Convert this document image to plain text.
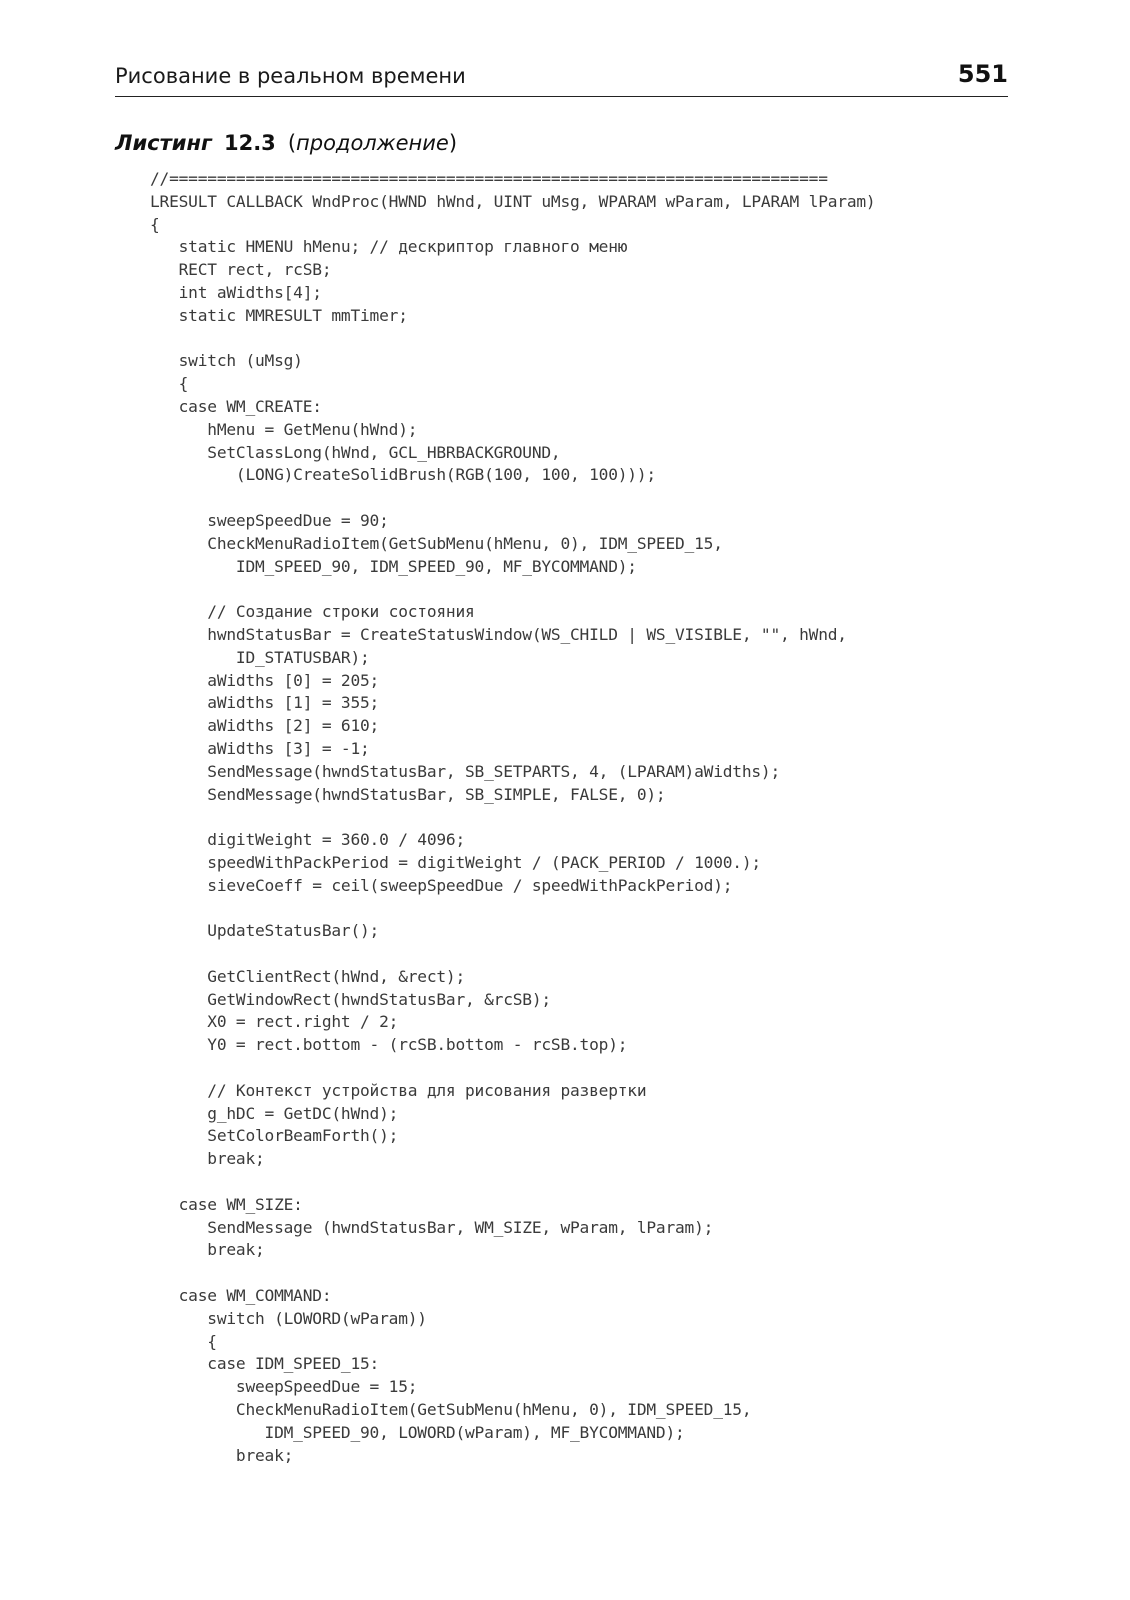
Рисование в реальном времени	551
Листинг 12.3 (продолжение)
//=====================================================================
LRESULT CALLBACK WndProc(HWND hWnd, UINT uMsg, WPARAM wParam, LPARAM lParam)
{
static HMENU hMenu; // дескриптор главного меню
RECT rect, rcSB;
int aWidths[4];
static MMRESULT mmTimer;

switch (uMsg)
{
case WM_CREATE:
hMenu = GetMenu(hWnd);
SetClassLong(hWnd, GCL_HBRBACKGROUND,
(LONG)CreateSolidBrush(RGB(100, 100, 100)));

sweepSpeedDue = 90;
CheckMenuRadioItem(GetSubMenu(hMenu, 0), IDM_SPEED_15,
IDM_SPEED_90, IDM_SPEED_90, MF_BYCOMMAND);

// Создание строки состояния
hwndStatusBar = CreateStatusWindow(WS_CHILD | WS_VISIBLE, "", hWnd,
ID_STATUSBAR);
aWidths [0] = 205;
aWidths [1] = 355;
aWidths [2] = 610;
aWidths [3] = -1;
SendMessage(hwndStatusBar, SB_SETPARTS, 4, (LPARAM)aWidths);
SendMessage(hwndStatusBar, SB_SIMPLE, FALSE, 0);

digitWeight = 360.0 / 4096;
speedWithPackPeriod = digitWeight / (PACK_PERIOD / 1000.);
sieveCoeff = ceil(sweepSpeedDue / speedWithPackPeriod);

UpdateStatusBar();

GetClientRect(hWnd, &rect);
GetWindowRect(hwndStatusBar, &rcSB);
X0 = rect.right / 2;
Y0 = rect.bottom - (rcSB.bottom - rcSB.top);

// Контекст устройства для рисования развертки
g_hDC = GetDC(hWnd);
SetColorBeamForth();
break;

case WM_SIZE:
SendMessage (hwndStatusBar, WM_SIZE, wParam, lParam);
break;

case WM_COMMAND:
switch (LOWORD(wParam))
{
case IDM_SPEED_15:
sweepSpeedDue = 15;
CheckMenuRadioItem(GetSubMenu(hMenu, 0), IDM_SPEED_15,
IDM_SPEED_90, LOWORD(wParam), MF_BYCOMMAND);
break;
